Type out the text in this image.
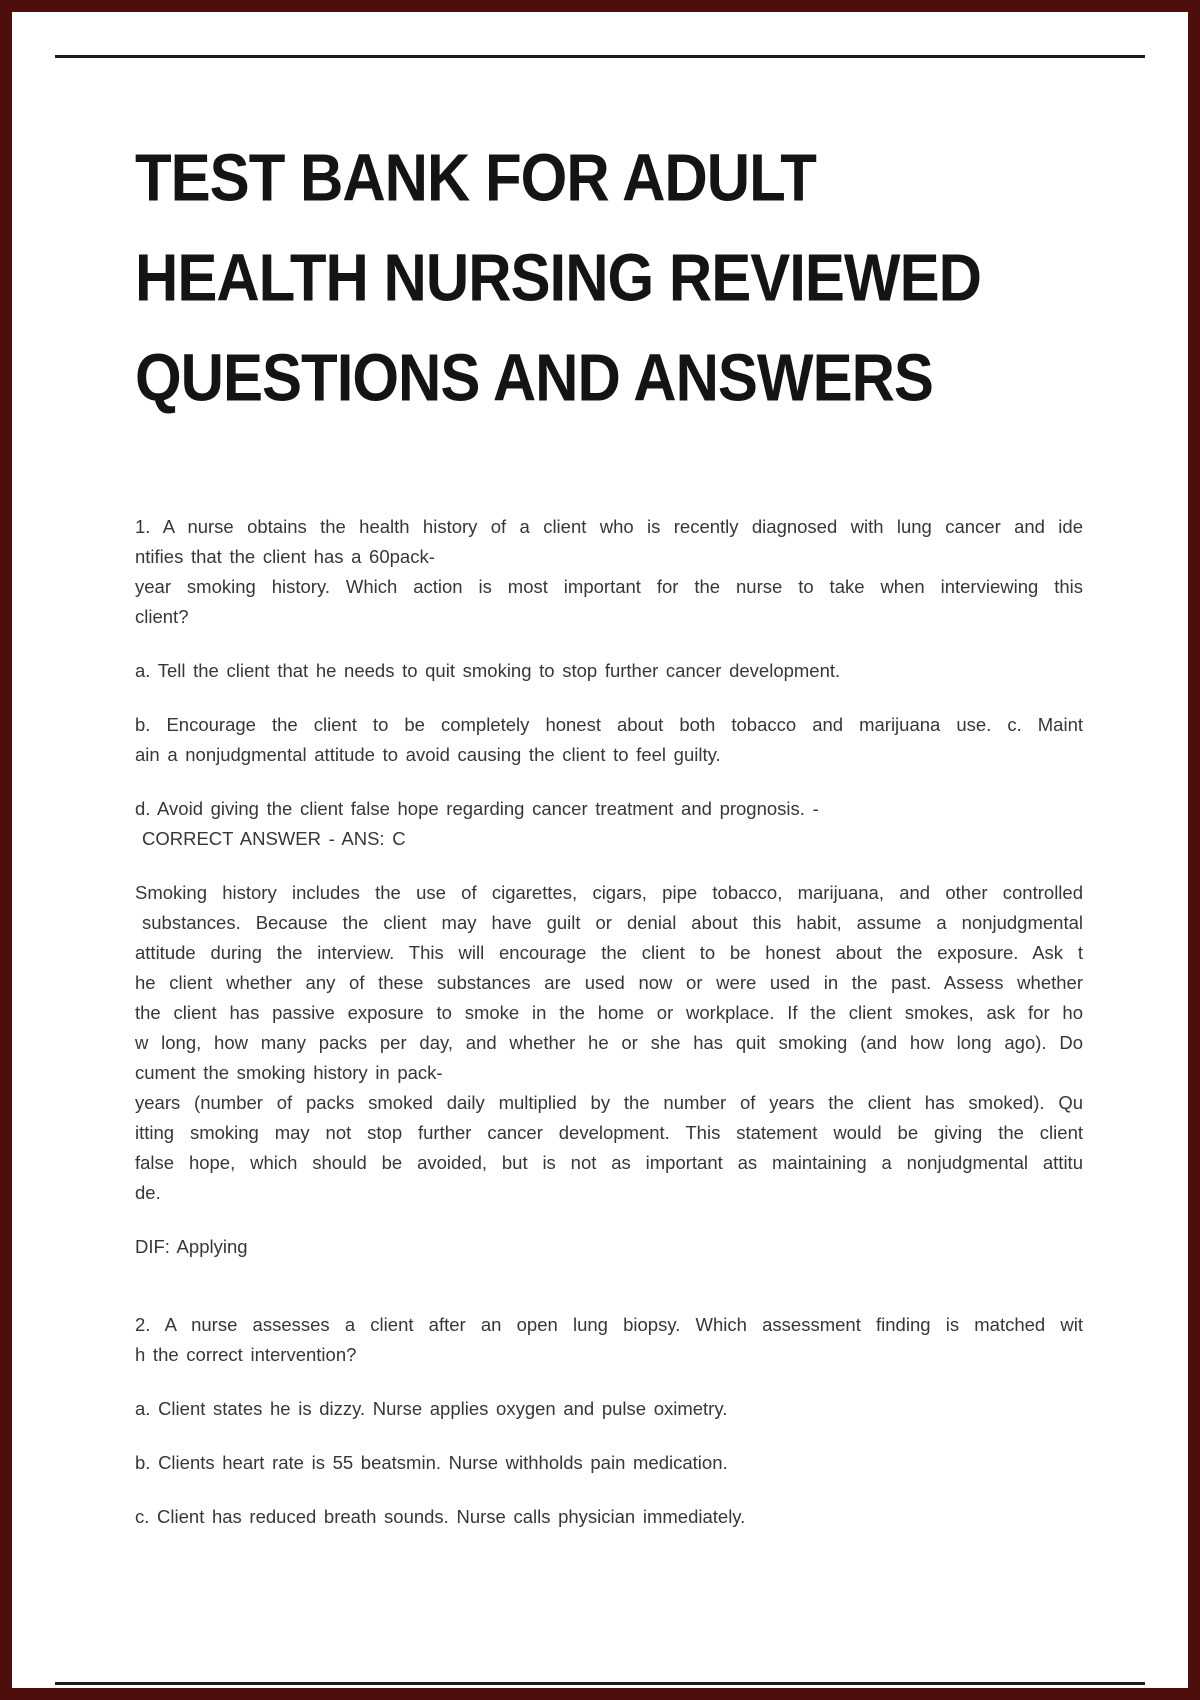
TEST BANK FOR ADULT
HEALTH NURSING REVIEWED
QUESTIONS AND ANSWERS
1. A nurse obtains the health history of a client who is recently diagnosed with lung cancer and ide
ntifies that the client has a 60pack-
year smoking history. Which action is most important for the nurse to take when interviewing this
client?
a. Tell the client that he needs to quit smoking to stop further cancer development.
b. Encourage the client to be completely honest about both tobacco and marijuana use. c. Maint
ain a nonjudgmental attitude to avoid causing the client to feel guilty.
d. Avoid giving the client false hope regarding cancer treatment and prognosis. -
CORRECT ANSWER - ANS: C
Smoking history includes the use of cigarettes, cigars, pipe tobacco, marijuana, and other controlled
substances. Because the client may have guilt or denial about this habit, assume a nonjudgmental
attitude during the interview. This will encourage the client to be honest about the exposure. Ask t
he client whether any of these substances are used now or were used in the past. Assess whether
the client has passive exposure to smoke in the home or workplace. If the client smokes, ask for ho
w long, how many packs per day, and whether he or she has quit smoking (and how long ago). Do
cument the smoking history in pack-
years (number of packs smoked daily multiplied by the number of years the client has smoked). Qu
itting smoking may not stop further cancer development. This statement would be giving the client
false hope, which should be avoided, but is not as important as maintaining a nonjudgmental attitu
de.
DIF: Applying
2. A nurse assesses a client after an open lung biopsy. Which assessment finding is matched wit
h the correct intervention?
a. Client states he is dizzy. Nurse applies oxygen and pulse oximetry.
b. Clients heart rate is 55 beatsmin. Nurse withholds pain medication.
c. Client has reduced breath sounds. Nurse calls physician immediately.
